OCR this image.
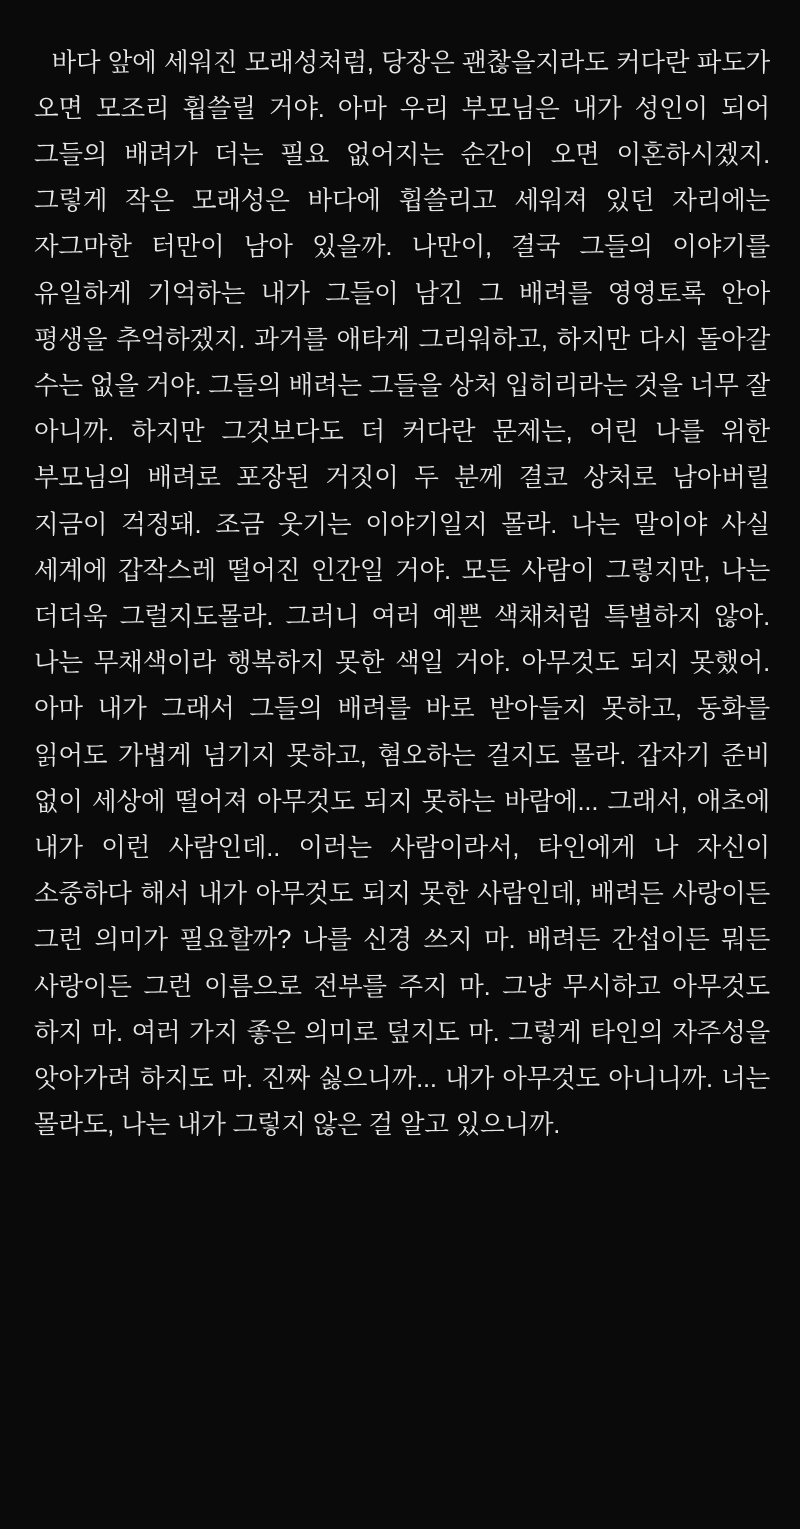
바다 앞에 세워진 모래성처럼, 당장은 괜찮을지라도 커다란 파도가 오면 모조리 휩쓸릴 거야. 아마 우리 부모님은 내가 성인이 되어 그들의 배려가 더는 필요 없어지는 순간이 오면 이혼하시겠지. 그렇게 작은 모래성은 바다에 휩쓸리고 세워져 있던 자리에는 자그마한 터만이 남아 있을까. 나만이, 결국 그들의 이야기를 유일하게 기억하는 내가 그들이 남긴 그 배려를 영영토록 안아 평생을 추억하겠지. 과거를 애타게 그리워하고, 하지만 다시 돌아갈 수는 없을 거야. 그들의 배려는 그들을 상처 입히리라는 것을 너무 잘 아니까. 하지만 그것보다도 더 커다란 문제는, 어린 나를 위한 부모님의 배려로 포장된 거짓이 두 분께 결코 상처로 남아버릴 지금이 걱정돼. 조금 웃기는 이야기일지 몰라. 나는 말이야 사실 세계에 갑작스레 떨어진 인간일 거야. 모든 사람이 그렇지만, 나는 더더욱 그럴지도몰라. 그러니 여러 예쁜 색채처럼 특별하지 않아. 나는 무채색이라 행복하지 못한 색일 거야. 아무것도 되지 못했어. 아마 내가 그래서 그들의 배려를 바로 받아들지 못하고, 동화를 읽어도 가볍게 넘기지 못하고, 혐오하는 걸지도 몰라. 갑자기 준비 없이 세상에 떨어져 아무것도 되지 못하는 바람에... 그래서, 애초에 내가 이런 사람인데.. 이러는 사람이라서, 타인에게 나 자신이 소중하다 해서 내가 아무것도 되지 못한 사람인데, 배려든 사랑이든 그런 의미가 필요할까? 나를 신경 쓰지 마. 배려든 간섭이든 뭐든 사랑이든 그런 이름으로 전부를 주지 마. 그냥 무시하고 아무것도 하지 마. 여러 가지 좋은 의미로 덮지도 마. 그렇게 타인의 자주성을 앗아가려 하지도 마. 진짜 싫으니까... 내가 아무것도 아니니까. 너는 몰라도, 나는 내가 그렇지 않은 걸 알고 있으니까.
